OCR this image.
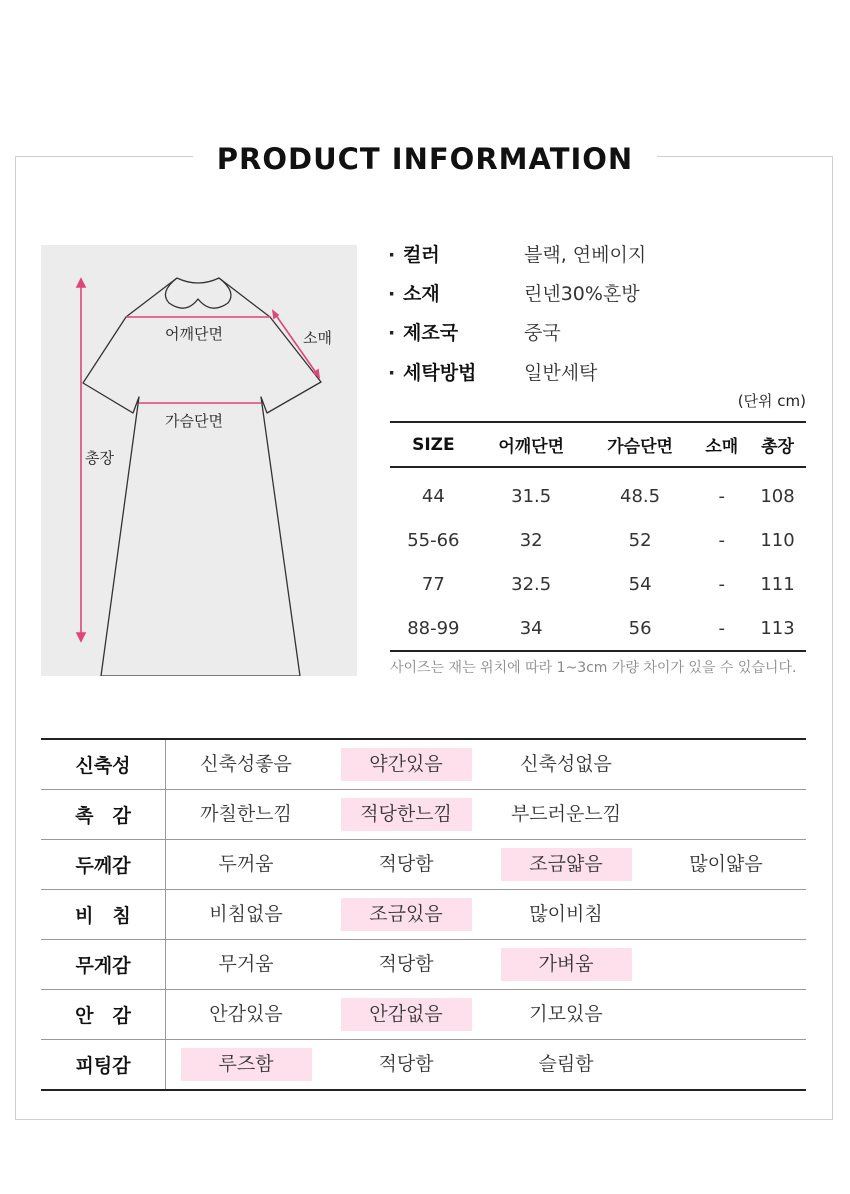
PRODUCT INFORMATION
어깨단면	소매
가슴단면
총장
· 컬러	블랙, 연베이지
· 소재	린넨30%혼방
· 제조국	중국
· 세탁방법	일반세탁
(단위 cm)
SIZE	어깨단면	가슴단면	소매	총장
44	31.5	48.5	-	108
55-66	32	52	-	110
77	32.5	54	-	111
88-99	34	56	-	113
사이즈는 재는 위치에 따라 1~3cm 가량 차이가 있을 수 있습니다.
신축성	신축성좋음	약간있음	신축성없음	
촉　감	까칠한느낌	적당한느낌	부드러운느낌	
두께감	두꺼움	적당함	조금얇음	많이얇음
비　침	비침없음	조금있음	많이비침	
무게감	무거움	적당함	가벼움	
안　감	안감있음	안감없음	기모있음	
피팅감	루즈함	적당함	슬림함	
